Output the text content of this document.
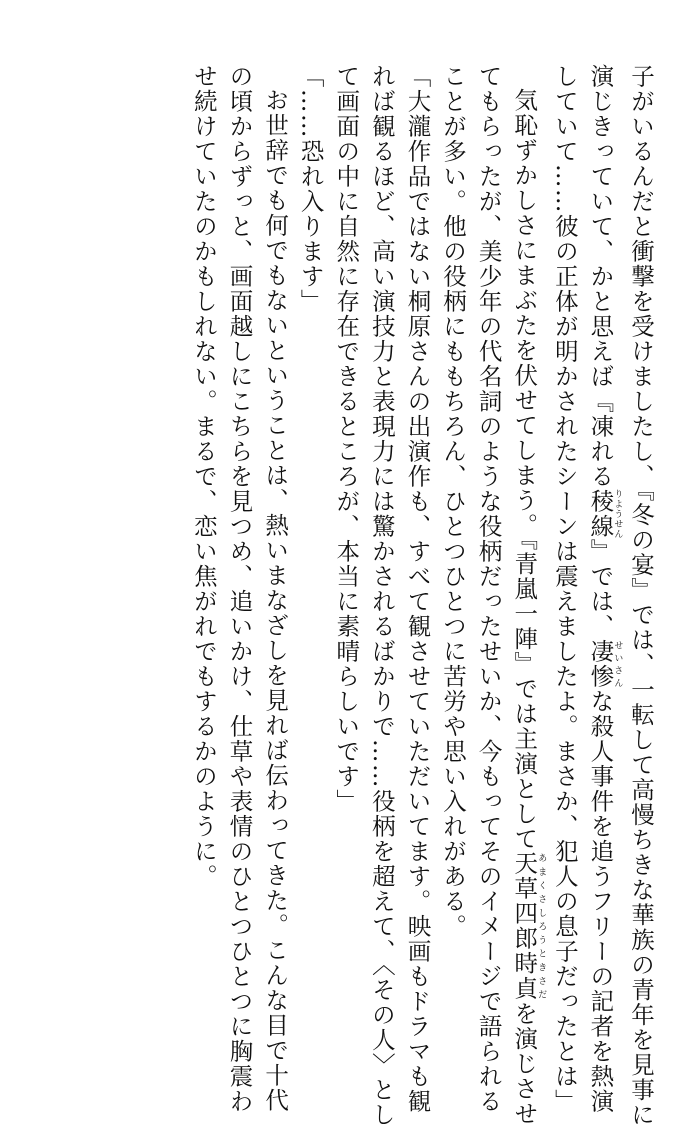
子がいるんだと衝撃を受けましたし、『冬の宴』では、一転して高慢ちきな華族の青年を見事に
演じきっていて、かと思えば『凍れる稜線りようせん』では、凄惨せいさんな殺人事件を追うフリーの記者を熱演
していて……彼の正体が明かされたシーンは震えましたよ。まさか、犯人の息子だったとは」
気恥ずかしさにまぶたを伏せてしまう。『青嵐一陣』では主演として天草四郎時貞あまくさしろうときさだを演じさせ
てもらったが、美少年の代名詞のような役柄だったせいか、今もってそのイメージで語られる
ことが多い。他の役柄にももちろん、ひとつひとつに苦労や思い入れがある。
「大瀧作品ではない桐原さんの出演作も、すべて観させていただいてます。映画もドラマも観
れば観るほど、高い演技力と表現力には驚かされるばかりで……役柄を超えて、〈その人〉とし
て画面の中に自然に存在できるところが、本当に素晴らしいです」
「……恐れ入ります」
お世辞でも何でもないということは、熱いまなざしを見れば伝わってきた。こんな目で十代
の頃からずっと、画面越しにこちらを見つめ、追いかけ、仕草や表情のひとつひとつに胸震わ
せ続けていたのかもしれない。まるで、恋い焦がれでもするかのように。
